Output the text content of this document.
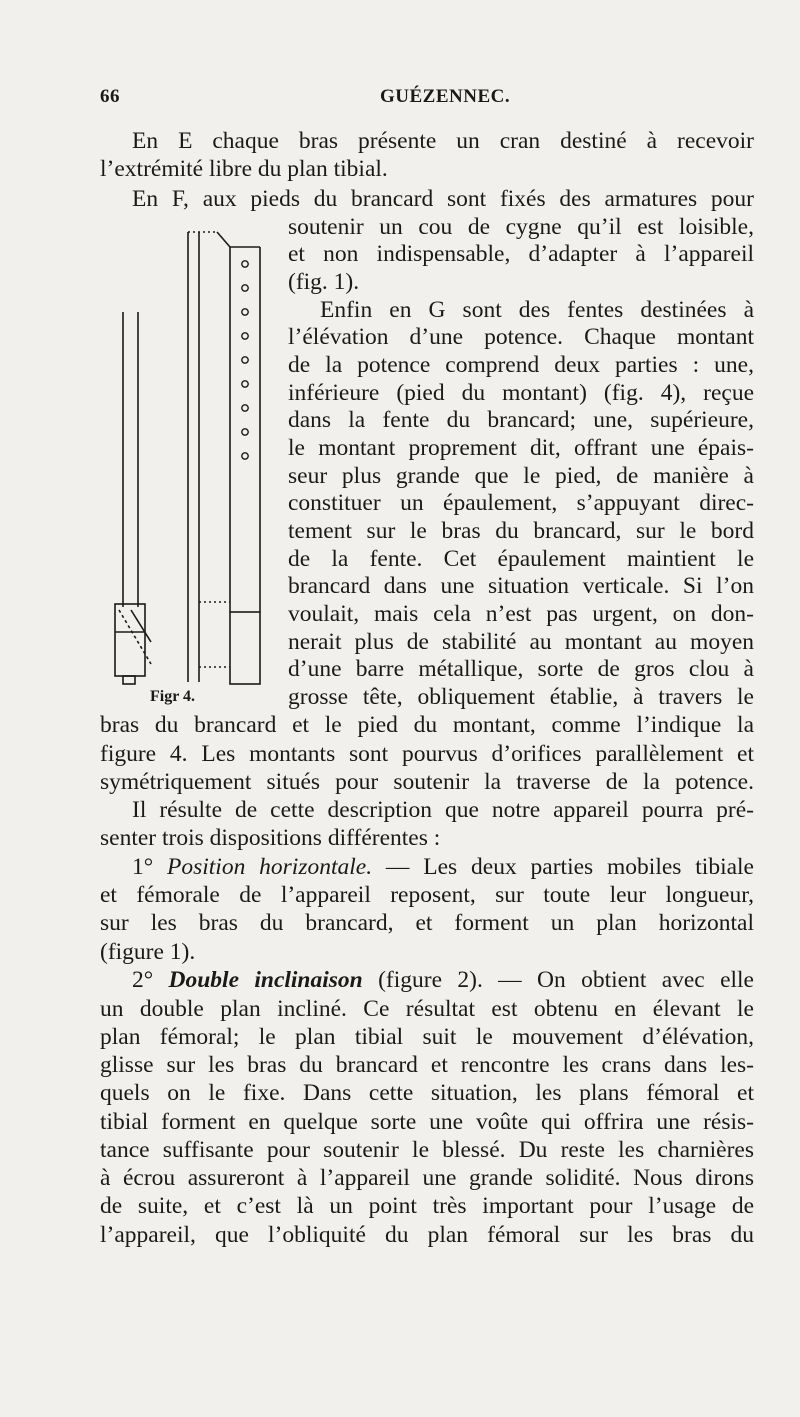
66	GUÉZENNEC.
En E chaque bras présente un cran destiné à recevoir
l’extrémité libre du plan tibial.
En F, aux pieds du brancard sont fixés des armatures pour
soutenir un cou de cygne qu’il est loisible,
et non indispensable, d’adapter à l’appareil
(fig. 1).
Enfin en G sont des fentes destinées à
l’élévation d’une potence. Chaque montant
de la potence comprend deux parties : une,
inférieure (pied du montant) (fig. 4), reçue
dans la fente du brancard; une, supérieure,
le montant proprement dit, offrant une épais-
seur plus grande que le pied, de manière à
constituer un épaulement, s’appuyant direc-
tement sur le bras du brancard, sur le bord
de la fente. Cet épaulement maintient le
brancard dans une situation verticale. Si l’on
voulait, mais cela n’est pas urgent, on don-
nerait plus de stabilité au montant au moyen
d’une barre métallique, sorte de gros clou à
grosse tête, obliquement établie, à travers le
bras du brancard et le pied du montant, comme l’indique la
figure 4. Les montants sont pourvus d’orifices parallèlement et
symétriquement situés pour soutenir la traverse de la potence.
Il résulte de cette description que notre appareil pourra pré-
senter trois dispositions différentes :
1° Position horizontale. — Les deux parties mobiles tibiale
et fémorale de l’appareil reposent, sur toute leur longueur,
sur les bras du brancard, et forment un plan horizontal
(figure 1).
2° Double inclinaison (figure 2). — On obtient avec elle
un double plan incliné. Ce résultat est obtenu en élevant le
plan fémoral; le plan tibial suit le mouvement d’élévation,
glisse sur les bras du brancard et rencontre les crans dans les-
quels on le fixe. Dans cette situation, les plans fémoral et
tibial forment en quelque sorte une voûte qui offrira une résis-
tance suffisante pour soutenir le blessé. Du reste les charnières
à écrou assureront à l’appareil une grande solidité. Nous dirons
de suite, et c’est là un point très important pour l’usage de
l’appareil, que l’obliquité du plan fémoral sur les bras du
Figr 4.
